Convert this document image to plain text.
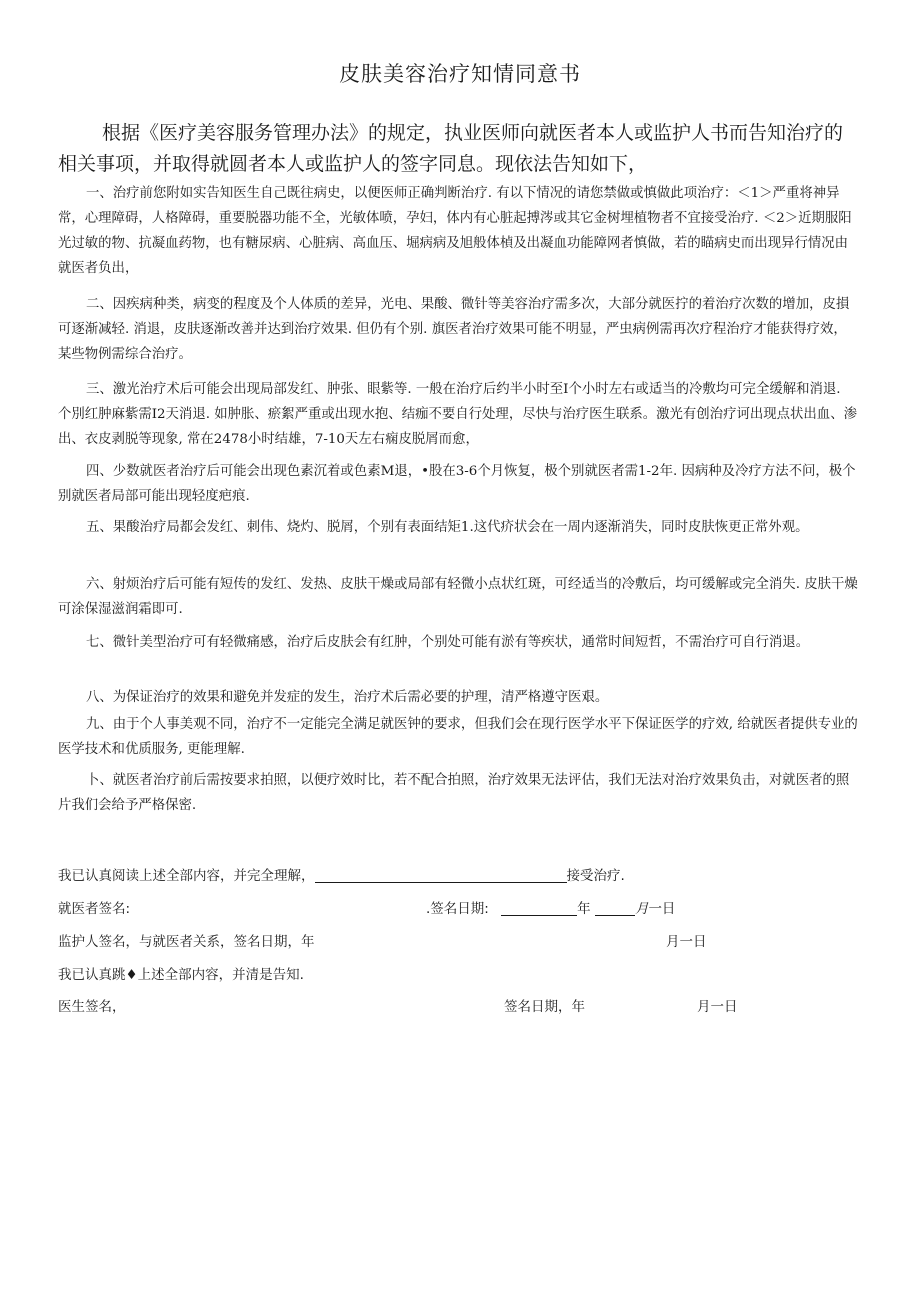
皮肤美容治疗知情同意书

根据《医疗美容服务管理办法》的规定，执业医师向就医者本人或监护人书而告知治疗的相关事项，并取得就圆者本人或监护人的签字同息。现依法告知如下，

一、治疗前您附如实告知医生自己既往病史，以便医师正确判断治疗. 有以下情况的请您禁做或慎做此项治疗：＜1＞严重将神异常，心理障碍，人格障碍，重要脱器功能不全，光敏体喷，孕妇，体内有心脏起搏涔或其它金树埋植物者不宜接受治疗. ＜2＞近期服阳光过敏的物、抗凝血药物，也有糖尿病、心脏病、高血压、堀病病及旭般体楨及出凝血功能障网者慎做，若的瞄病史而出现异行情况由就医者负出，

二、因疾病种类，病变的程度及个人体质的差异，光电、果酸、微针等美容治疗需多次，大部分就医拧的着治疗次数的增加，皮損可逐渐减轻. 消退，皮肤逐渐改善并达到治疗效果. 但仍有个别. 旗医者治疗效果可能不明显，严虫病例需再次疗程治疗才能获得疗效，某些物例需综合治疗。

三、激光治疗术后可能会出现局部发红、肿张、眼紫等. 一般在治疗后约半小时至I个小时左右或适当的冷敷均可完全缓解和消退. 个別红肿麻紫需I2天消退. 如肿胀、瘀絮严重或出现水抱、结痂不要自行处理，尽快与治疗医生联系。激光有创治疗诃出现点状出血、渗出、衣皮剥脱等现象, 常在2478小时结雄，7-10天左右痫皮脱屑而愈，

四、少数就医者治疗后可能会出现色素沉着或色素M退，•股在3-6个月恢复，极个别就医者需1-2年. 因病种及冷疗方法不问，极个别就医者局部可能出现轻度疤痕.

五、果酸治疗局都会发红、刺伟、烧灼、脱屑，个别有表面结矩1.这代疥状会在一周内逐渐消失，同时皮肤恢更正常外观。

六、射烦治疗后可能有短传的发红、发热、皮肤干燥或局部有轻微小点状红斑，可经适当的冷敷后，均可缓解或完全消失. 皮肤干燥可涂保湿滋润霜即可.

七、微针美型治疗可有轻微痛感，治疗后皮肤会有红肿，个别处可能有淤有等疾状，通常时间短哲，不需治疗可自行消退。

八、为保证治疗的效果和避免并发症的发生，治疗术后需必要的护理，清严格遵守医艰。

九、由于个人事美观不同，治疗不一定能完全满足就医钟的要求，但我们会在现行医学水平下保证医学的疗效, 给就医者提供专业的医学技术和优质服务, 更能理解.

卜、就医者治疗前后需按要求拍照，以便疗效时比，若不配合拍照，治疗效果无法评估，我们无法对治疗效果负击，对就医者的照片我们会给予严格保密.

我已认真阅读上述全部内容，并完全理解，	接受治疗.
就医者签名:	.签名日期:	年	月一日
监护人签名，与就医者关系，签名日期，年	月一日
我已认真跳♦上述全部内容，并清是告知.
医生签名，	签名日期，年	月一日
